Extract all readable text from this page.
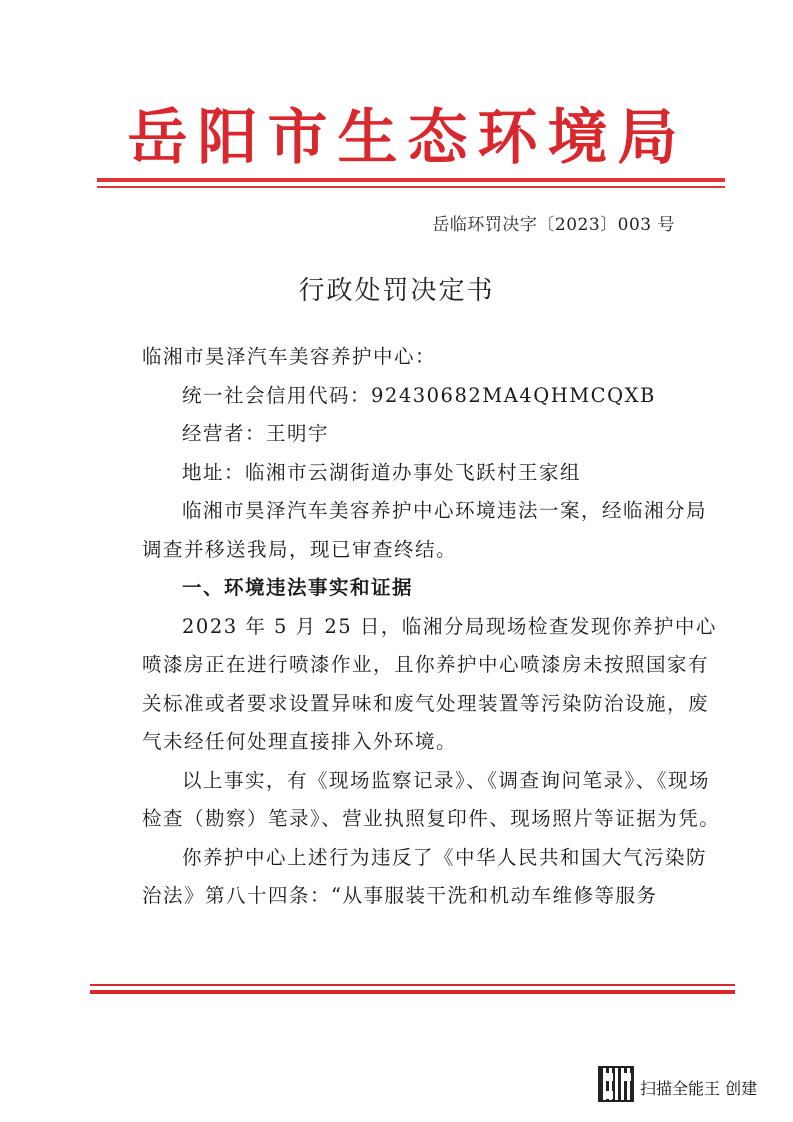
岳阳市生态环境局
岳临环罚决字〔2023〕003 号
行政处罚决定书

临湘市昊泽汽车美容养护中心：

统一社会信用代码：92430682MA4QHMCQXB

经营者：王明宇

地址：临湘市云湖街道办事处飞跃村王家组

临湘市昊泽汽车美容养护中心环境违法一案，经临湘分局调查并移送我局，现已审查终结。

一、环境违法事实和证据

2023 年 5 月 25 日，临湘分局现场检查发现你养护中心喷漆房正在进行喷漆作业，且你养护中心喷漆房未按照国家有关标准或者要求设置异味和废气处理装置等污染防治设施，废气未经任何处理直接排入外环境。

以上事实，有《现场监察记录》、《调查询问笔录》、《现场检查（勘察）笔录》、营业执照复印件、现场照片等证据为凭。

你养护中心上述行为违反了《中华人民共和国大气污染防治法》第八十四条：“从事服装干洗和机动车维修等服务

扫描全能王 创建
